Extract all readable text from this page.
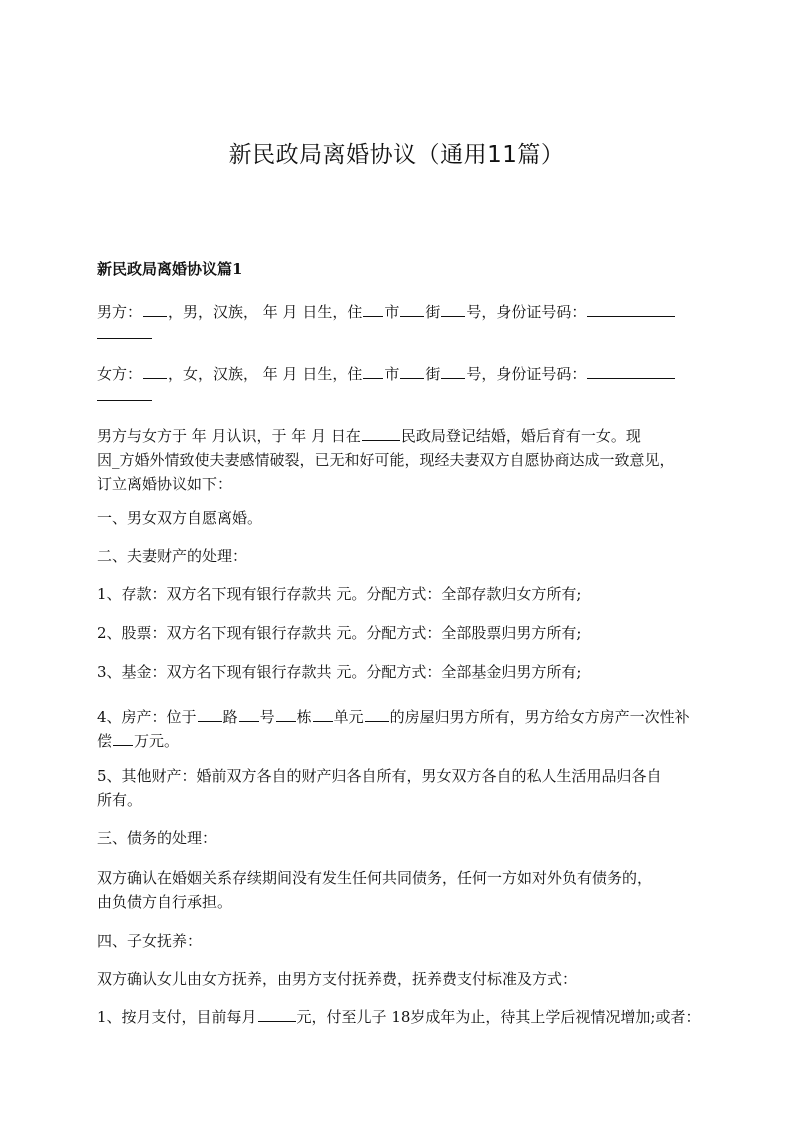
新民政局离婚协议（通用11篇）
新民政局离婚协议篇1
男方： ，男，汉族， 年 月 日生，住 市 街 号，身份证号码：
女方： ，女，汉族， 年 月 日生，住 市 街 号，身份证号码：
男方与女方于 年 月认识，于 年 月 日在	民政局登记结婚，婚后育有一女。现
因_方婚外情致使夫妻感情破裂，已无和好可能，现经夫妻双方自愿协商达成一致意见，
订立离婚协议如下：
一、男女双方自愿离婚。
二、夫妻财产的处理：
1、存款：双方名下现有银行存款共 元。分配方式：全部存款归女方所有;
2、股票：双方名下现有银行存款共 元。分配方式：全部股票归男方所有;
3、基金：双方名下现有银行存款共 元。分配方式：全部基金归男方所有;
4、房产：位于 路 号 栋 单元 的房屋归男方所有，男方给女方房产一次性补
偿 万元。
5、其他财产：婚前双方各自的财产归各自所有，男女双方各自的私人生活用品归各自
所有。
三、债务的处理：
双方确认在婚姻关系存续期间没有发生任何共同债务，任何一方如对外负有债务的，
由负债方自行承担。
四、子女抚养：
双方确认女儿由女方抚养，由男方支付抚养费，抚养费支付标准及方式：
1、按月支付，目前每月	元，付至儿子 18岁成年为止，待其上学后视情况增加;或者：
